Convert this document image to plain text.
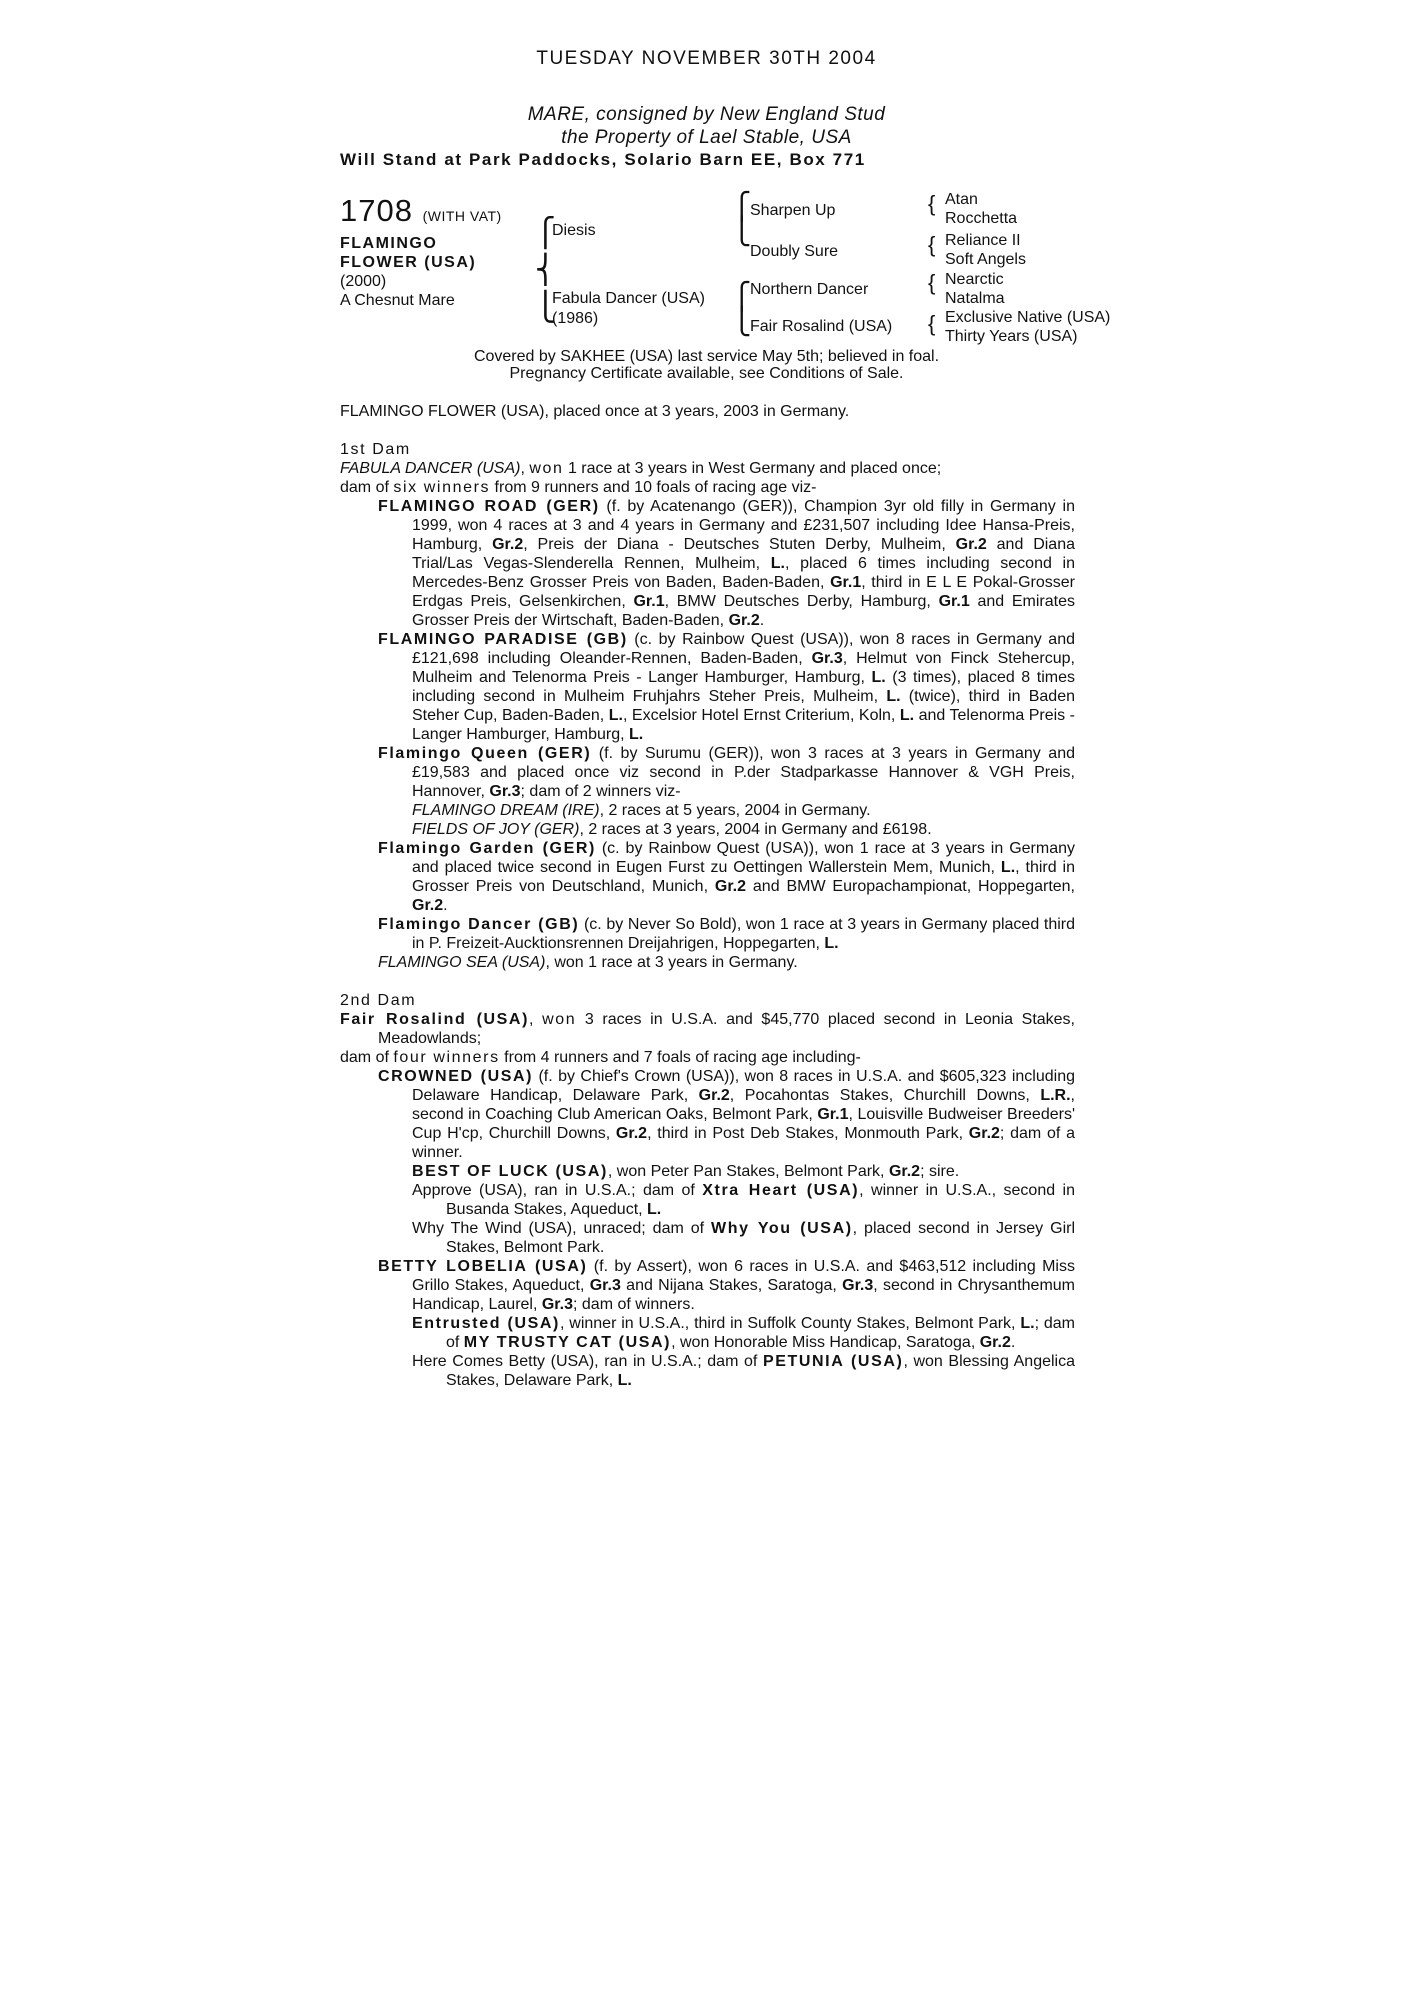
TUESDAY NOVEMBER 30TH 2004
MARE, consigned by New England Stud
the Property of Lael Stable, USA
Will Stand at Park Paddocks, Solario Barn EE, Box 771
1708 (WITH VAT)
FLAMINGO
FLOWER (USA)
(2000)
A Chesnut Mare
⎧
⎨
⎩
Diesis
Fabula Dancer (USA)
(1986)
⎧
⎩
⎧
⎩
Sharpen Up
Doubly Sure
Northern Dancer
Fair Rosalind (USA)
{
{
{
{
Atan
Rocchetta
Reliance II
Soft Angels
Nearctic
Natalma
Exclusive Native (USA)
Thirty Years (USA)
Covered by SAKHEE (USA) last service May 5th; believed in foal.
Pregnancy Certificate available, see Conditions of Sale.

FLAMINGO FLOWER (USA), placed once at 3 years, 2003 in Germany.

1st Dam

FABULA DANCER (USA), won 1 race at 3 years in West Germany and placed once;

dam of six winners from 9 runners and 10 foals of racing age viz-

FLAMINGO ROAD (GER) (f. by Acatenango (GER)), Champion 3yr old filly in Germany in 1999, won 4 races at 3 and 4 years in Germany and £231,507 including Idee Hansa-Preis, Hamburg, Gr.2, Preis der Diana - Deutsches Stuten Derby, Mulheim, Gr.2 and Diana Trial/Las Vegas-Slenderella Rennen, Mulheim, L., placed 6 times including second in Mercedes-Benz Grosser Preis von Baden, Baden-Baden, Gr.1, third in E L E Pokal-Grosser Erdgas Preis, Gelsenkirchen, Gr.1, BMW Deutsches Derby, Hamburg, Gr.1 and Emirates Grosser Preis der Wirtschaft, Baden-Baden, Gr.2.

FLAMINGO PARADISE (GB) (c. by Rainbow Quest (USA)), won 8 races in Germany and £121,698 including Oleander-Rennen, Baden-Baden, Gr.3, Helmut von Finck Stehercup, Mulheim and Telenorma Preis - Langer Hamburger, Hamburg, L. (3 times), placed 8 times including second in Mulheim Fruhjahrs Steher Preis, Mulheim, L. (twice), third in Baden Steher Cup, Baden-Baden, L., Excelsior Hotel Ernst Criterium, Koln, L. and Telenorma Preis - Langer Hamburger, Hamburg, L.

Flamingo Queen (GER) (f. by Surumu (GER)), won 3 races at 3 years in Germany and £19,583 and placed once viz second in P.der Stadparkasse Hannover & VGH Preis, Hannover, Gr.3; dam of 2 winners viz-

FLAMINGO DREAM (IRE), 2 races at 5 years, 2004 in Germany.

FIELDS OF JOY (GER), 2 races at 3 years, 2004 in Germany and £6198.

Flamingo Garden (GER) (c. by Rainbow Quest (USA)), won 1 race at 3 years in Germany and placed twice second in Eugen Furst zu Oettingen Wallerstein Mem, Munich, L., third in Grosser Preis von Deutschland, Munich, Gr.2 and BMW Europachampionat, Hoppegarten, Gr.2.

Flamingo Dancer (GB) (c. by Never So Bold), won 1 race at 3 years in Germany placed third in P. Freizeit-Aucktionsrennen Dreijahrigen, Hoppegarten, L.

FLAMINGO SEA (USA), won 1 race at 3 years in Germany.

2nd Dam

Fair Rosalind (USA), won 3 races in U.S.A. and $45,770 placed second in Leonia Stakes, Meadowlands;

dam of four winners from 4 runners and 7 foals of racing age including-

CROWNED (USA) (f. by Chief's Crown (USA)), won 8 races in U.S.A. and $605,323 including Delaware Handicap, Delaware Park, Gr.2, Pocahontas Stakes, Churchill Downs, L.R., second in Coaching Club American Oaks, Belmont Park, Gr.1, Louisville Budweiser Breeders' Cup H'cp, Churchill Downs, Gr.2, third in Post Deb Stakes, Monmouth Park, Gr.2; dam of a winner.

BEST OF LUCK (USA), won Peter Pan Stakes, Belmont Park, Gr.2; sire.

Approve (USA), ran in U.S.A.; dam of Xtra Heart (USA), winner in U.S.A., second in Busanda Stakes, Aqueduct, L.

Why The Wind (USA), unraced; dam of Why You (USA), placed second in Jersey Girl Stakes, Belmont Park.

BETTY LOBELIA (USA) (f. by Assert), won 6 races in U.S.A. and $463,512 including Miss Grillo Stakes, Aqueduct, Gr.3 and Nijana Stakes, Saratoga, Gr.3, second in Chrysanthemum Handicap, Laurel, Gr.3; dam of winners.

Entrusted (USA), winner in U.S.A., third in Suffolk County Stakes, Belmont Park, L.; dam of MY TRUSTY CAT (USA), won Honorable Miss Handicap, Saratoga, Gr.2.

Here Comes Betty (USA), ran in U.S.A.; dam of PETUNIA (USA), won Blessing Angelica Stakes, Delaware Park, L.
